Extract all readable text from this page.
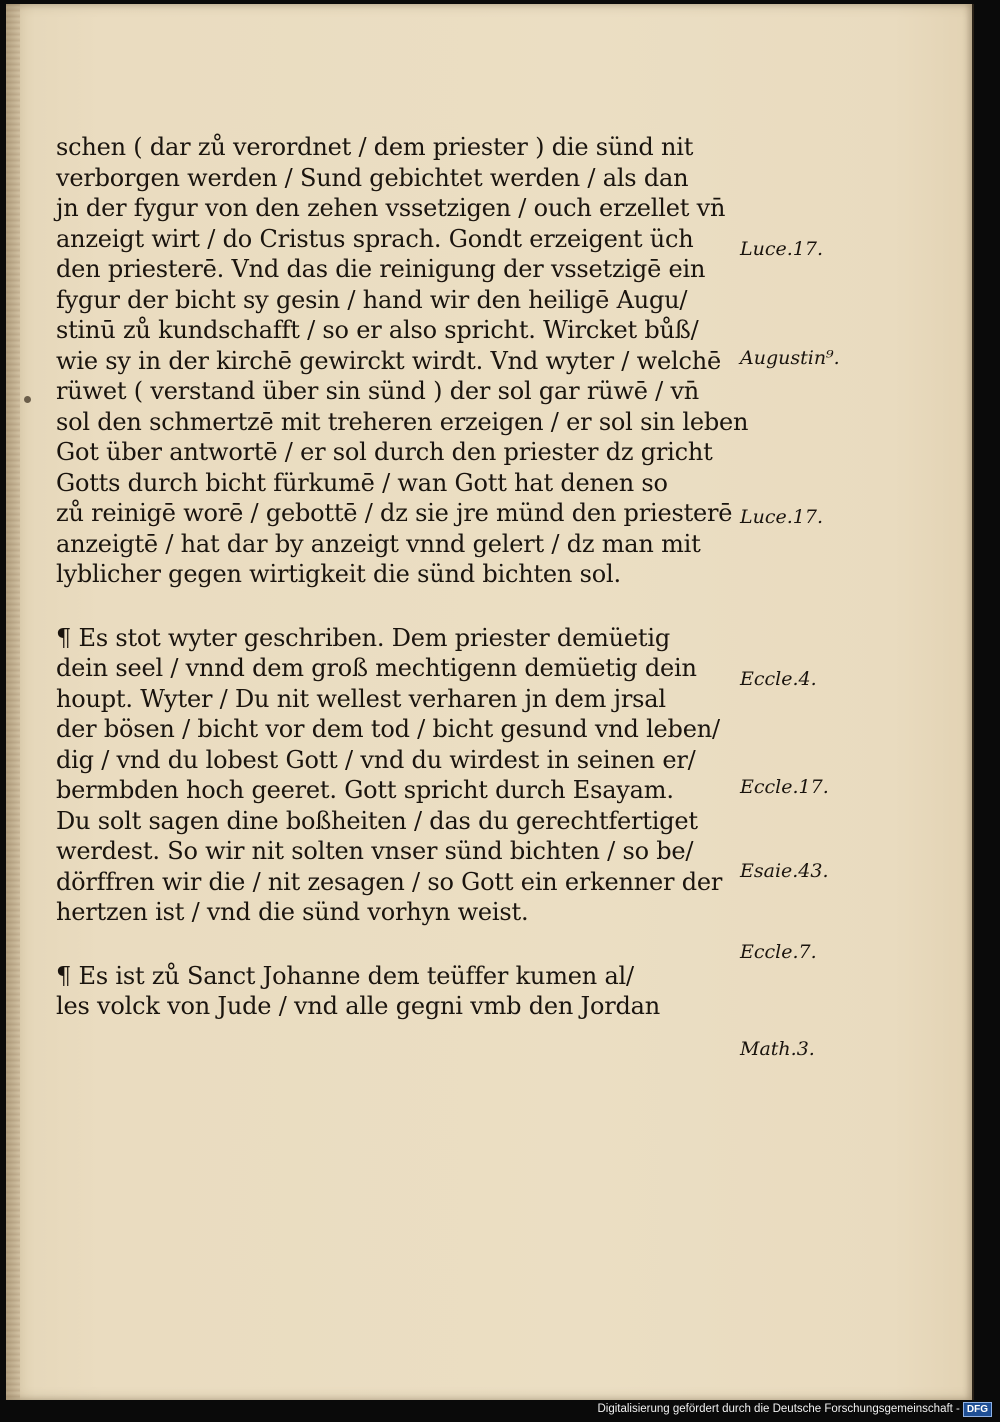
schen ( dar zů verordnet / dem priester ) die sünd nit
verborgen werden / Sund gebichtet werden / als dan
jn der fygur von den zehen vssetzigen / ouch erzellet vn̄
anzeigt wirt / do Cristus sprach. Gondt erzeigent üch
den priesterē. Vnd das die reinigung der vssetzigē ein
fygur der bicht sy gesin / hand wir den heiligē Augu/
stinū zů kundschafft / so er also spricht. Wircket bůß/
wie sy in der kirchē gewirckt wirdt. Vnd wyter / welchē
rüwet ( verstand über sin sünd ) der sol gar rüwē / vn̄
sol den schmertzē mit treheren erzeigen / er sol sin leben
Got über antwortē / er sol durch den priester dz gricht
Gotts durch bicht fürkumē / wan Gott hat denen so
zů reinigē worē / gebottē / dz sie jre münd den priesterē
anzeigtē / hat dar by anzeigt vnnd gelert / dz man mit
lyblicher gegen wirtigkeit die sünd bichten sol.
¶ Es stot wyter geschriben. Dem priester demüetig
dein seel / vnnd dem groß mechtigenn demüetig dein
houpt. Wyter / Du nit wellest verharen jn dem jrsal
der bösen / bicht vor dem tod / bicht gesund vnd leben/
dig / vnd du lobest Gott / vnd du wirdest in seinen er/
bermbden hoch geeret. Gott spricht durch Esayam.
Du solt sagen dine boßheiten / das du gerechtfertiget
werdest. So wir nit solten vnser sünd bichten / so be/
dörffren wir die / nit zesagen / so Gott ein erkenner der
hertzen ist / vnd die sünd vorhyn weist.
¶ Es ist zů Sanct Johanne dem teüffer kumen al/
les volck von Jude / vnd alle gegni vmb den Jordan
Luce.17.
Augustin⁹.
Luce.17.
Eccle.4.
Eccle.17.
Esaie.43.
Eccle.7.
Math.3.
Digitalisierung gefördert durch die Deutsche Forschungsgemeinschaft - DFG
